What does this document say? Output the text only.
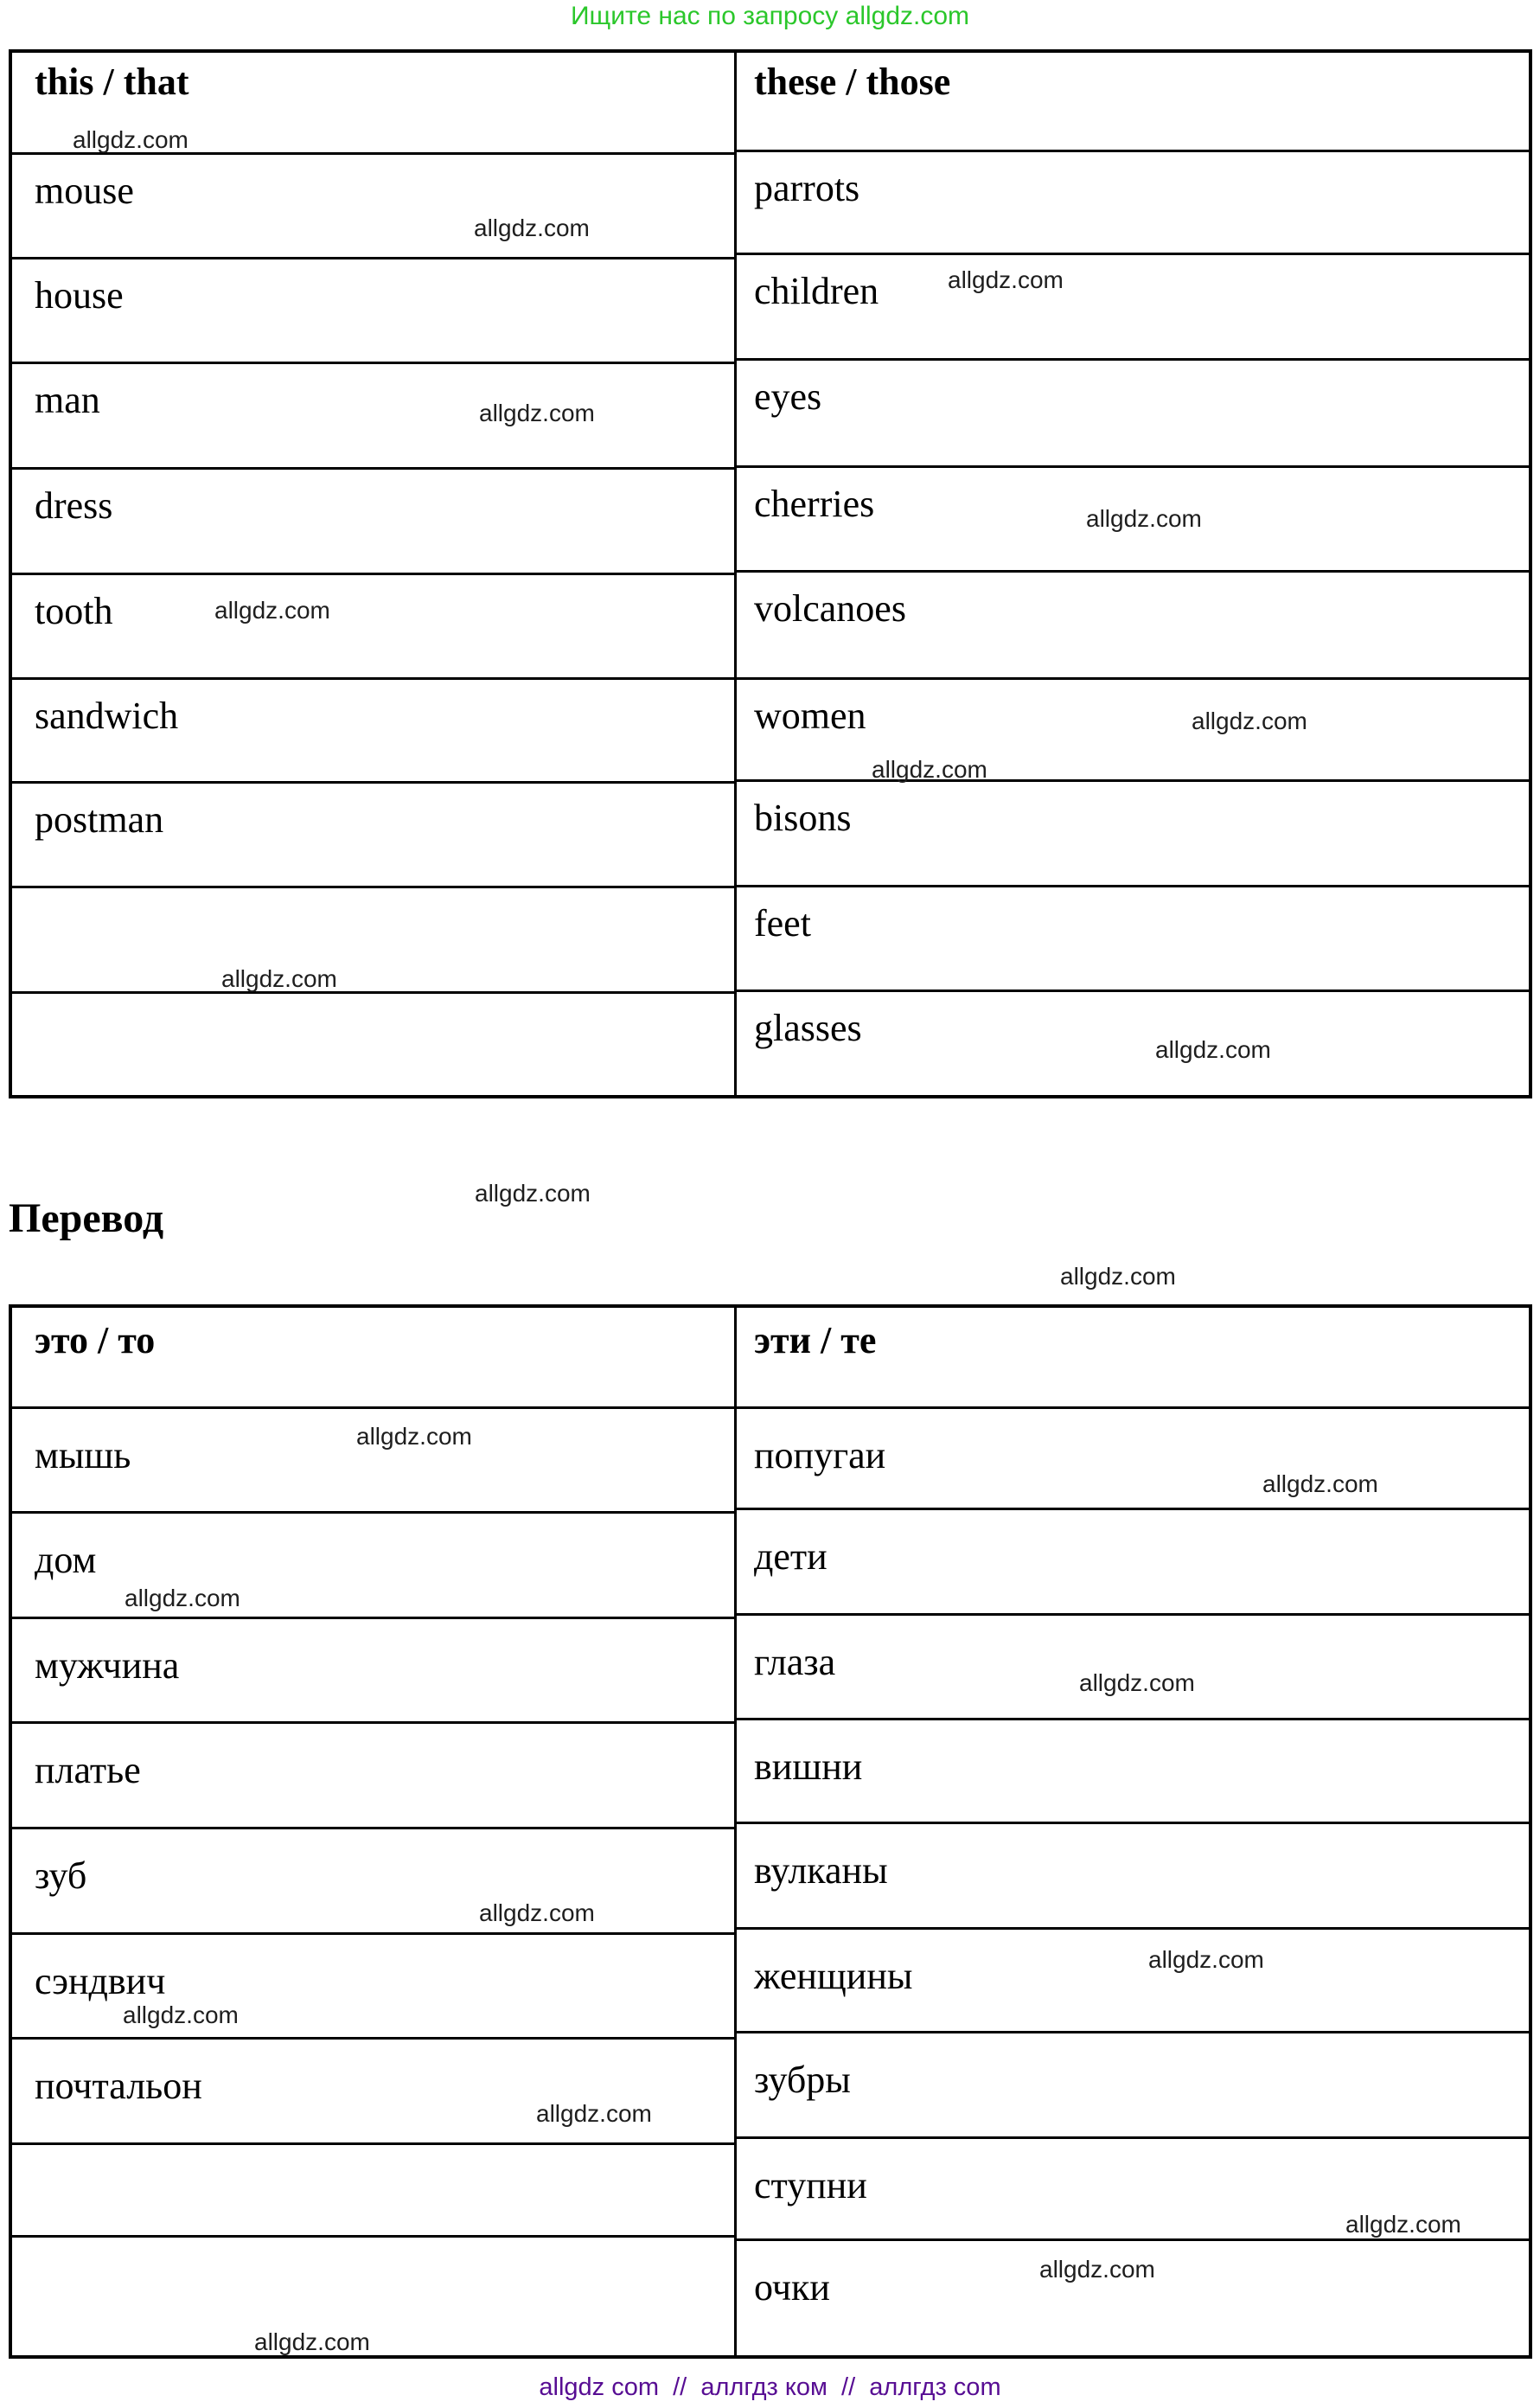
Ищите нас по запросу allgdz.com
this / that
mouse
house
man
dress
tooth
sandwich
postman
these / those
parrots
children
eyes
cherries
volcanoes
women
bisons
feet
glasses
Перевод
это / то
мышь
дом
мужчина
платье
зуб
сэндвич
почтальон
эти / те
попугаи
дети
глаза
вишни
вулканы
женщины
зубры
ступни
очки
allgdz.com
allgdz.com
allgdz.com
allgdz.com
allgdz.com
allgdz.com
allgdz.com
allgdz.com
allgdz.com
allgdz.com
allgdz.com
allgdz.com
allgdz.com
allgdz.com
allgdz.com
allgdz.com
allgdz.com
allgdz.com
allgdz.com
allgdz.com
allgdz.com
allgdz.com
allgdz.com
allgdz com  //  аллгдз ком  //  аллгдз com
